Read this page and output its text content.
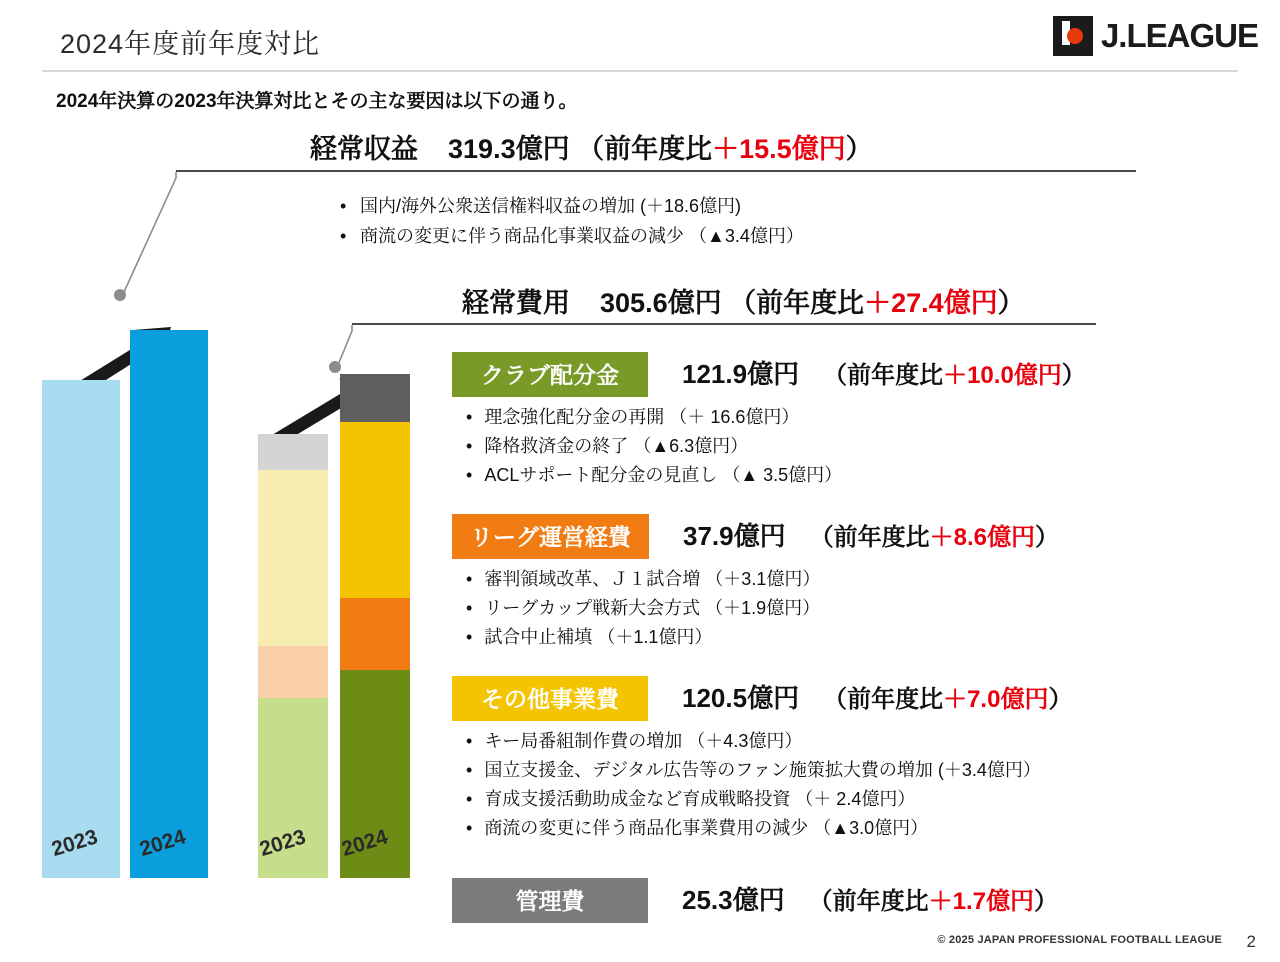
2024年度前年度対比	J.LEAGUE
2024年決算の2023年決算対比とその主な要因は以下の通り。
経常収益 319.3億円 （前年度比＋15.5億円）
• 国内/海外公衆送信権料収益の増加 (＋18.6億円)
• 商流の変更に伴う商品化事業収益の減少 （▲3.4億円）
経常費用 305.6億円 （前年度比＋27.4億円）
クラブ配分金	121.9億円 （前年度比＋10.0億円）
• 理念強化配分金の再開 （＋ 16.6億円）
• 降格救済金の終了 （▲6.3億円）
• ACLサポート配分金の見直し （▲ 3.5億円）
リーグ運営経費	37.9億円 （前年度比＋8.6億円）
• 審判領域改革、Ｊ１試合増 （＋3.1億円）
• リーグカップ戦新大会方式 （＋1.9億円）
• 試合中止補填 （＋1.1億円）
その他事業費	120.5億円 （前年度比＋7.0億円）
• キー局番組制作費の増加 （＋4.3億円）
• 国立支援金、デジタル広告等のファン施策拡大費の増加 (＋3.4億円）
• 育成支援活動助成金など育成戦略投資 （＋ 2.4億円）
• 商流の変更に伴う商品化事業費用の減少 （▲3.0億円）
管理費	25.3億円 （前年度比＋1.7億円）
2023 2024	2023 2024
© 2025 JAPAN PROFESSIONAL FOOTBALL LEAGUE 2
